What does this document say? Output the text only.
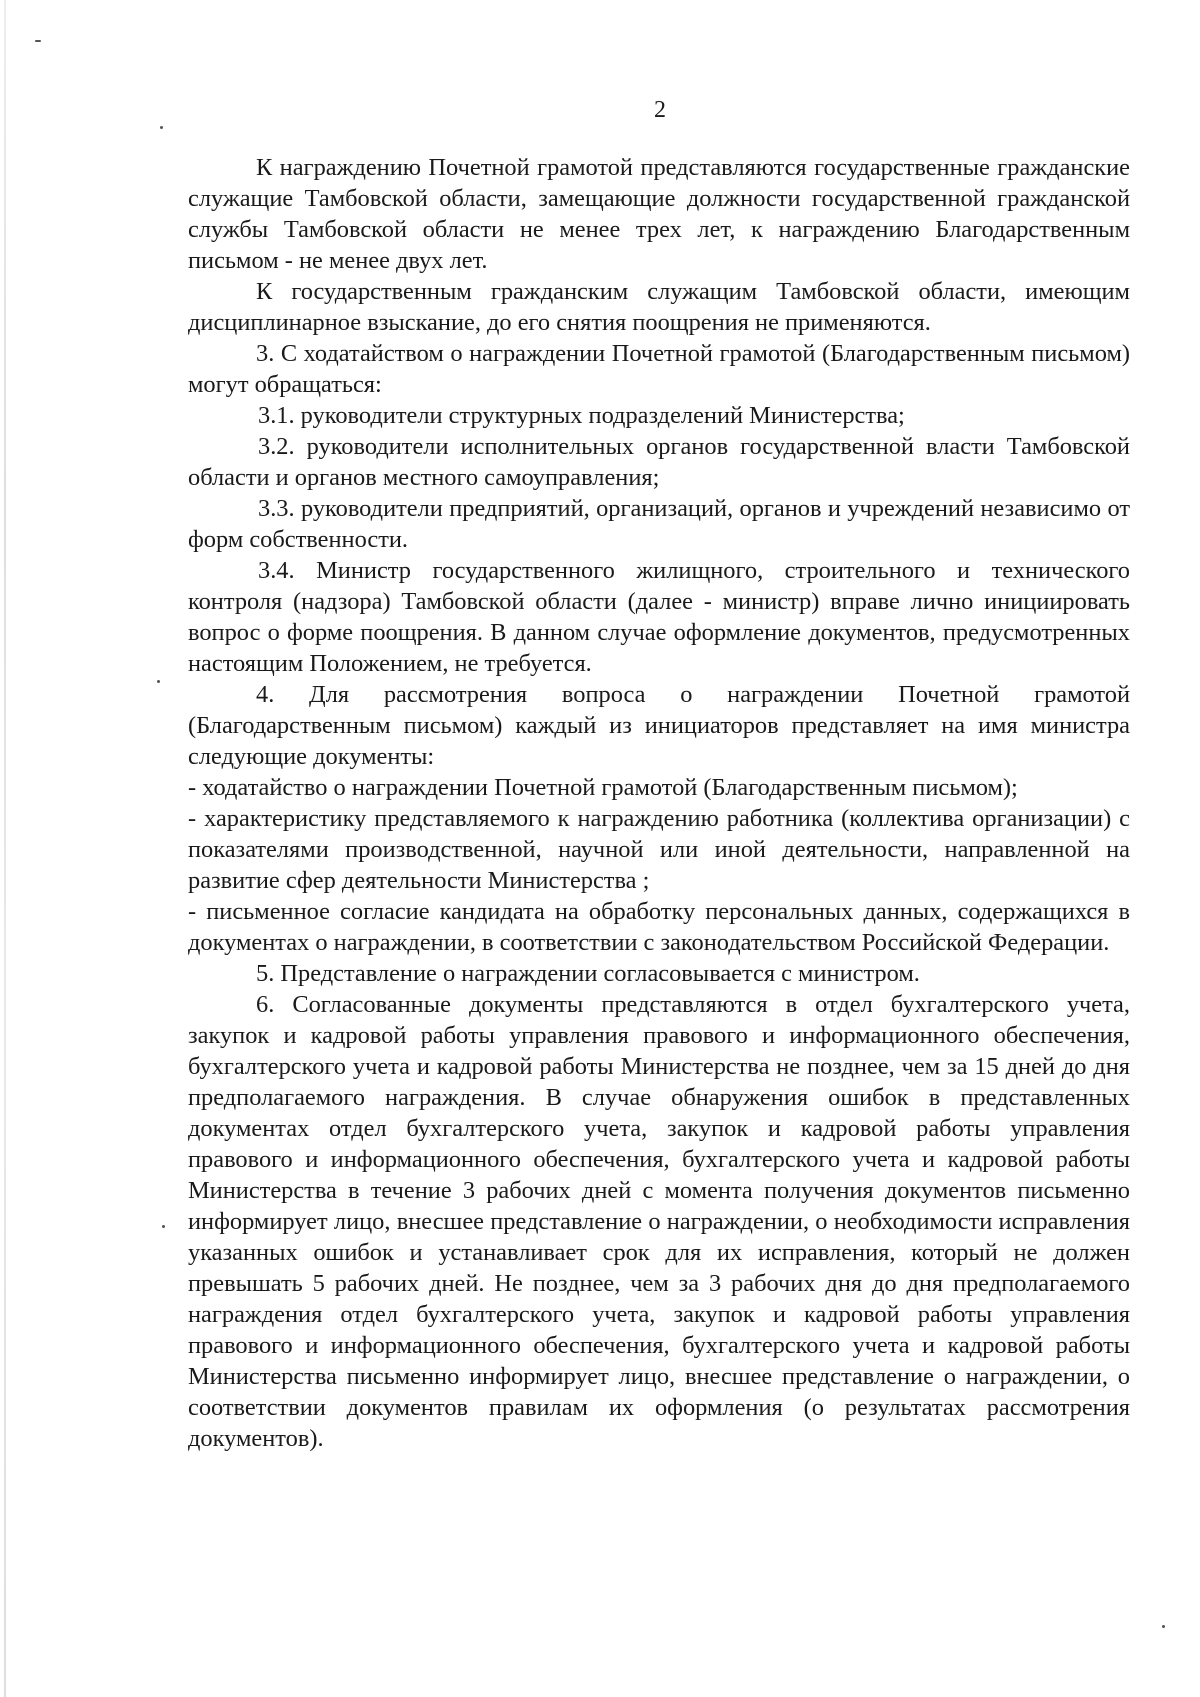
2

К награждению Почетной грамотой представляются государственные гражданские служащие Тамбовской области, замещающие должности государственной гражданской службы Тамбовской области не менее трех лет, к награждению Благодарственным письмом - не менее двух лет.

К государственным гражданским служащим Тамбовской области, имеющим дисциплинарное взыскание, до его снятия поощрения не применяются.

3. С ходатайством о награждении Почетной грамотой (Благодарственным письмом) могут обращаться:

3.1. руководители структурных подразделений Министерства;

3.2. руководители исполнительных органов государственной власти Тамбовской области и органов местного самоуправления;

3.3. руководители предприятий, организаций, органов и учреждений независимо от форм собственности.

3.4. Министр государственного жилищного, строительного и технического контроля (надзора) Тамбовской области (далее - министр) вправе лично инициировать вопрос о форме поощрения. В данном случае оформление документов, предусмотренных настоящим Положением, не требуется.

4. Для рассмотрения вопроса о награждении Почетной грамотой (Благодарственным письмом) каждый из инициаторов представляет на имя министра следующие документы:

- ходатайство о награждении Почетной грамотой (Благодарственным письмом);

- характеристику представляемого к награждению работника (коллектива организации) с показателями производственной, научной или иной деятельности, направленной на развитие сфер деятельности Министерства ;

- письменное согласие кандидата на обработку персональных данных, содержащихся в документах о награждении, в соответствии с законодательством Российской Федерации.

5. Представление о награждении согласовывается с министром.

6. Согласованные документы представляются в отдел бухгалтерского учета, закупок и кадровой работы управления правового и информационного обеспечения, бухгалтерского учета и кадровой работы Министерства не позднее, чем за 15 дней до дня предполагаемого награждения. В случае обнаружения ошибок в представленных документах отдел бухгалтерского учета, закупок и кадровой работы управления правового и информационного обеспечения, бухгалтерского учета и кадровой работы Министерства в течение 3 рабочих дней с момента получения документов письменно информирует лицо, внесшее представление о награждении, о необходимости исправления указанных ошибок и устанавливает срок для их исправления, который не должен превышать 5 рабочих дней. Не позднее, чем за 3 рабочих дня до дня предполагаемого награждения отдел бухгалтерского учета, закупок и кадровой работы управления правового и информационного обеспечения, бухгалтерского учета и кадровой работы Министерства письменно информирует лицо, внесшее представление о награждении, о соответствии документов правилам их оформления (о результатах рассмотрения документов).
